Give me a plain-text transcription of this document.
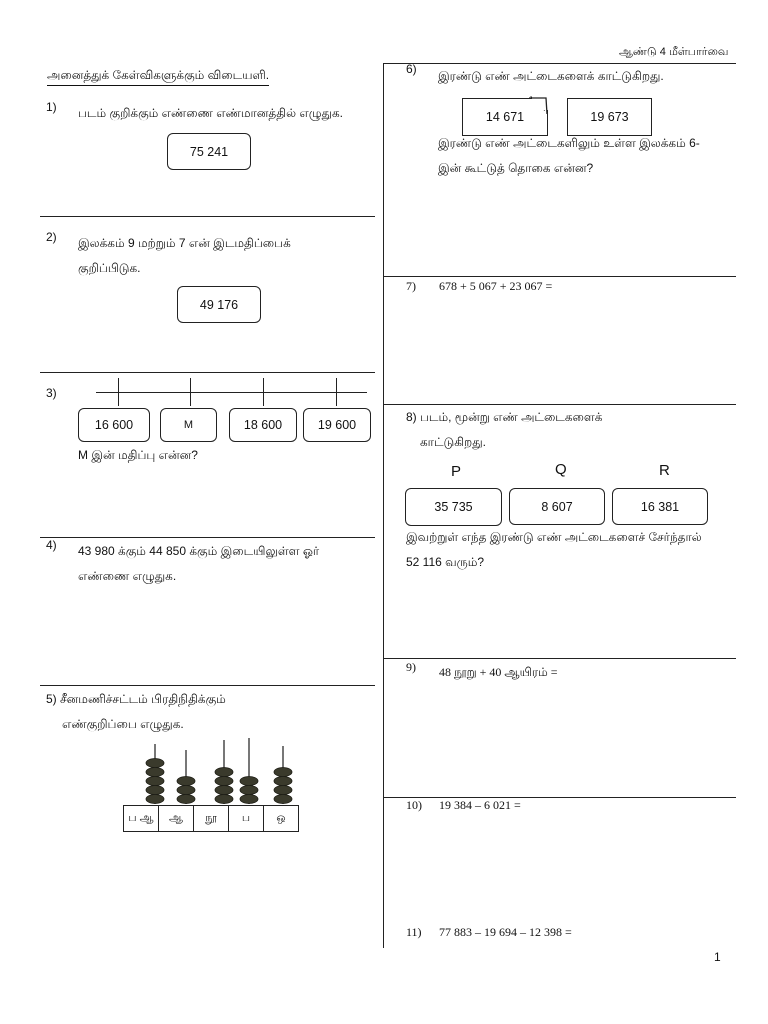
ஆண்டு 4 மீள்பார்வை
அனைத்துக் கேள்விகளுக்கும் விடையளி.
1) படம் குறிக்கும் எண்ணை எண்மானத்தில் எழுதுக.
75 241
2) இலக்கம் 9 மற்றும் 7 என் இடமதிப்பைக்
குறிப்பிடுக.
49 176
3)
16 600	M	18 600	19 600
M இன் மதிப்பு என்ன?
4) 43 980 க்கும் 44 850 க்கும் இடையிலுள்ள ஓர்
எண்ணை எழுதுக.
5) சீனமணிச்சட்டம் பிரதிநிதிக்கும்
எண்குறிப்பை எழுதுக.
ப ஆ	ஆ	நூ	ப	ஒ
6) இரண்டு எண் அட்டைகளைக் காட்டுகிறது.
14 671	19 673
இரண்டு எண் அட்டைகளிலும் உள்ள இலக்கம் 6-
இன் கூட்டுத் தொகை என்ன?
7) 678 + 5 067 + 23 067 =
8) படம், மூன்று எண் அட்டைகளைக்
காட்டுகிறது.
P	Q	R
35 735	8 607	16 381
இவற்றுள் எந்த இரண்டு எண் அட்டைகளைச் சேர்ந்தால்
52 116 வரும்?
9) 48 நூறு + 40 ஆயிரம் =
10) 19 384 – 6 021 =
11) 77 883 – 19 694 – 12 398 =
1
